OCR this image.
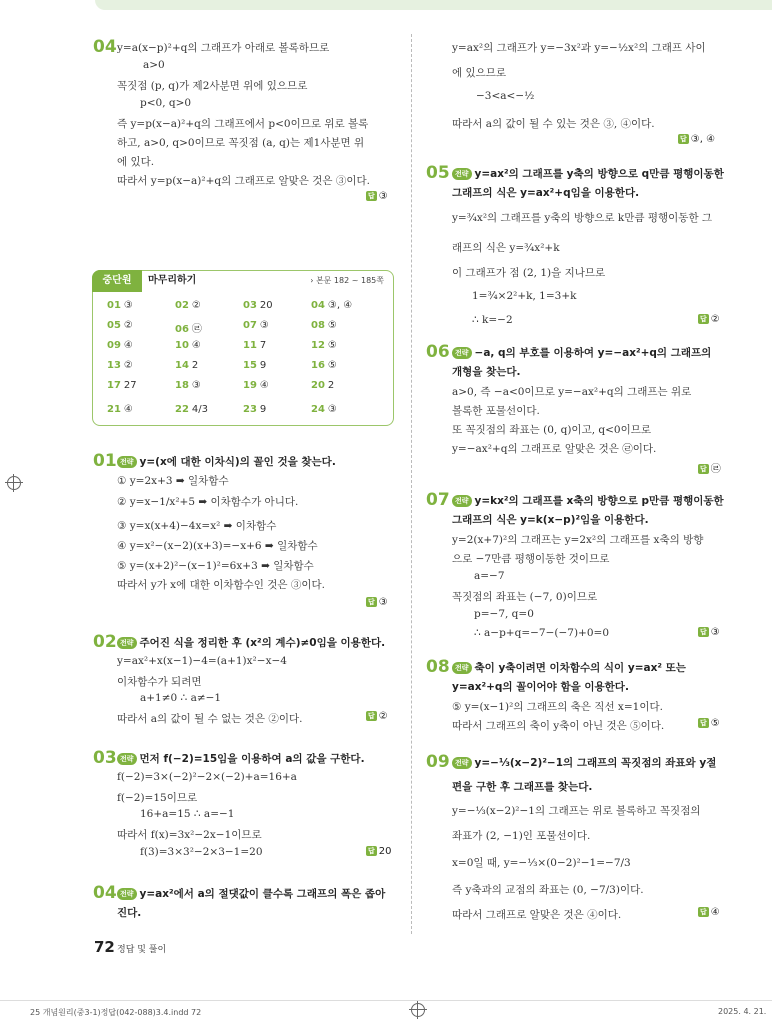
04 y=a(x−p)²+q의 그래프가 아래로 볼록하므로
a>0
꼭짓점 (p, q)가 제2사분면 위에 있으므로
p<0, q>0
즉 y=p(x−a)²+q의 그래프에서 p<0이므로 위로 볼록
하고, a>0, q>0이므로 꼭짓점 (a, q)는 제1사분면 위
에 있다.
따라서 y=p(x−a)²+q의 그래프로 알맞은 것은 ③이다.
답 ③
중단원	마무리하기	› 본문 182 ~ 185쪽
01 ③	02 ②	03 20	04 ③, ④
05 ②	06 ㉣	07 ③	08 ⑤
09 ④	10 ④	11 7	12 ⑤
13 ②	14 2	15 9	16 ⑤
17 27	18 ③	19 ④	20 2
21 ④	22 4/3	23 9	24 ③
01 전략 y=(x에 대한 이차식)의 꼴인 것을 찾는다.
① y=2x+3 ➡ 일차함수
② y=x−1/x²+5 ➡ 이차함수가 아니다.
③ y=x(x+4)−4x=x² ➡ 이차함수
④ y=x²−(x−2)(x+3)=−x+6 ➡ 일차함수
⑤ y=(x+2)²−(x−1)²=6x+3 ➡ 일차함수
따라서 y가 x에 대한 이차함수인 것은 ③이다.
답 ③
02 전략 주어진 식을 정리한 후 (x²의 계수)≠0임을 이용한다.
y=ax²+x(x−1)−4=(a+1)x²−x−4
이차함수가 되려면
a+1≠0 ∴ a≠−1
따라서 a의 값이 될 수 없는 것은 ②이다.	답 ②
03 전략 먼저 f(−2)=15임을 이용하여 a의 값을 구한다.
f(−2)=3×(−2)²−2×(−2)+a=16+a
f(−2)=15이므로
16+a=15 ∴ a=−1
따라서 f(x)=3x²−2x−1이므로
f(3)=3×3²−2×3−1=20	답 20
04 전략 y=ax²에서 a의 절댓값이 클수록 그래프의 폭은 좁아
진다.
y=ax²의 그래프가 y=−3x²과 y=−½x²의 그래프 사이
에 있으므로
−3<a<−½
따라서 a의 값이 될 수 있는 것은 ③, ④이다.
답 ③, ④
05 전략 y=ax²의 그래프를 y축의 방향으로 q만큼 평행이동한
그래프의 식은 y=ax²+q임을 이용한다.
y=¾x²의 그래프를 y축의 방향으로 k만큼 평행이동한 그
래프의 식은 y=¾x²+k
이 그래프가 점 (2, 1)을 지나므로
1=¾×2²+k, 1=3+k
∴ k=−2	답 ②
06 전략 −a, q의 부호를 이용하여 y=−ax²+q의 그래프의
개형을 찾는다.
a>0, 즉 −a<0이므로 y=−ax²+q의 그래프는 위로
볼록한 포물선이다.
또 꼭짓점의 좌표는 (0, q)이고, q<0이므로
y=−ax²+q의 그래프로 알맞은 것은 ㉣이다.
답 ㉣
07 전략 y=kx²의 그래프를 x축의 방향으로 p만큼 평행이동한
그래프의 식은 y=k(x−p)²임을 이용한다.
y=2(x+7)²의 그래프는 y=2x²의 그래프를 x축의 방향
으로 −7만큼 평행이동한 것이므로
a=−7
꼭짓점의 좌표는 (−7, 0)이므로
p=−7, q=0
∴ a−p+q=−7−(−7)+0=0	답 ③
08 전략 축이 y축이려면 이차함수의 식이 y=ax² 또는
y=ax²+q의 꼴이어야 함을 이용한다.
⑤ y=(x−1)²의 그래프의 축은 직선 x=1이다.
따라서 그래프의 축이 y축이 아닌 것은 ⑤이다.	답 ⑤
09 전략 y=−⅓(x−2)²−1의 그래프의 꼭짓점의 좌표와 y절
편을 구한 후 그래프를 찾는다.
y=−⅓(x−2)²−1의 그래프는 위로 볼록하고 꼭짓점의
좌표가 (2, −1)인 포물선이다.
x=0일 때, y=−⅓×(0−2)²−1=−7/3
즉 y축과의 교점의 좌표는 (0, −7/3)이다.
따라서 그래프로 알맞은 것은 ④이다.	답 ④
72 정답 및 풀이
25 개념원리(중3-1)정답(042-088)3.4.indd 72	2025. 4. 21.
